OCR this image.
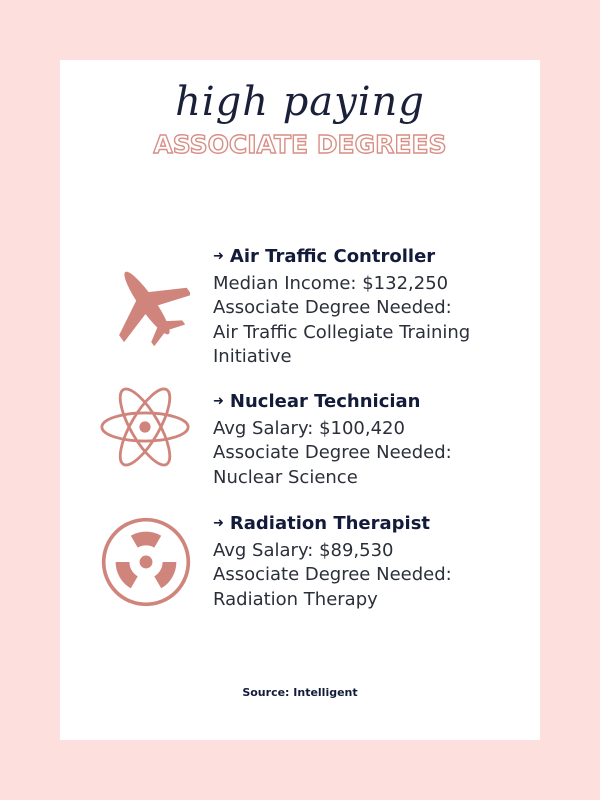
high paying
ASSOCIATE DEGREES
➜ Air Traffic Controller
Median Income: $132,250
Associate Degree Needed:
Air Traffic Collegiate Training
Initiative
➜ Nuclear Technician
Avg Salary: $100,420
Associate Degree Needed:
Nuclear Science
➜ Radiation Therapist
Avg Salary: $89,530
Associate Degree Needed:
Radiation Therapy
Source: Intelligent
